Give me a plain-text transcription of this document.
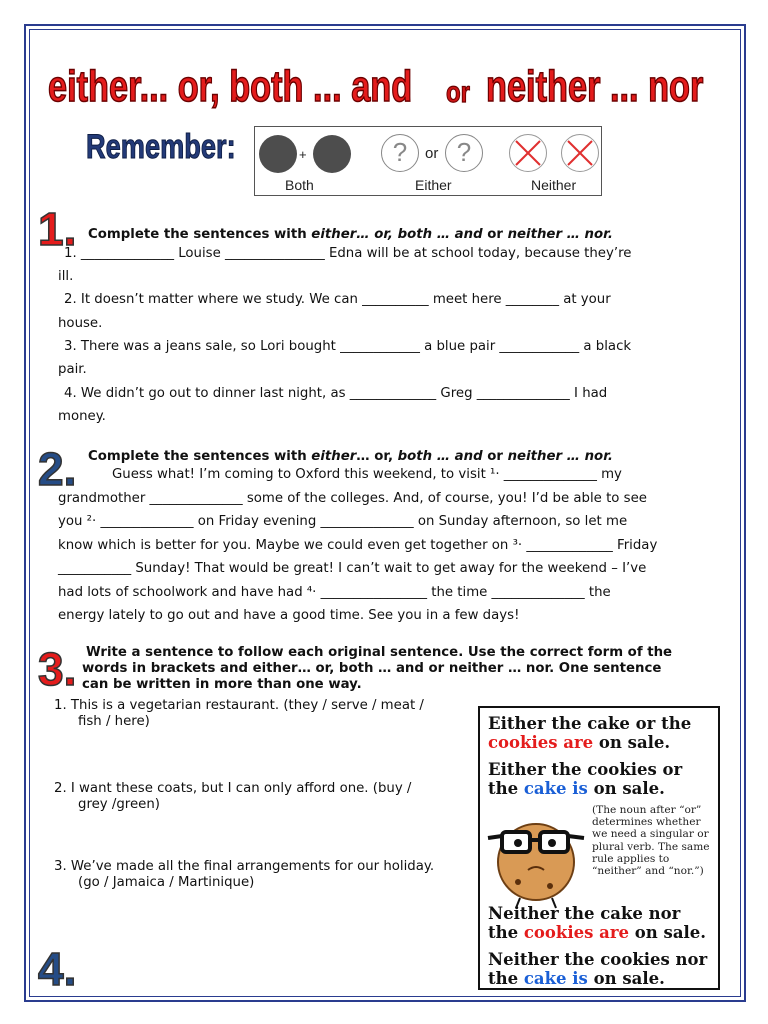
either... or, both ... and	or neither ... nor
Remember:	+	?	or ?
Both	Either	Neither
1. Complete the sentences with either… or, both … and or neither … nor.
1. ______________ Louise _______________ Edna will be at school today, because they’re
ill.
2. It doesn’t matter where we study. We can __________ meet here ________ at your
house.
3. There was a jeans sale, so Lori bought ____________ a blue pair ____________ a black
pair.
4. We didn’t go out to dinner last night, as _____________ Greg ______________ I had
money.
2. Complete the sentences with either… or, both … and or neither … nor.
Guess what! I’m coming to Oxford this weekend, to visit ¹· ______________ my
grandmother ______________ some of the colleges. And, of course, you! I’d be able to see
you ²· ______________ on Friday evening ______________ on Sunday afternoon, so let me
know which is better for you. Maybe we could even get together on ³· _____________ Friday
___________ Sunday! That would be great! I can’t wait to get away for the weekend – I’ve
had lots of schoolwork and have had ⁴· ________________ the time ______________ the
energy lately to go out and have a good time. See you in a few days!
3. Write a sentence to follow each original sentence. Use the correct form of the
words in brackets and either… or, both … and or neither … nor. One sentence
can be written in more than one way.
1. This is a vegetarian restaurant. (they / serve / meat /
fish / here)
2. I want these coats, but I can only afford one. (buy /
grey /green)
3. We’ve made all the final arrangements for our holiday.
(go / Jamaica / Martinique)
4.
Either the cake or the
cookies are on sale.
Either the cookies or
the cake is on sale.
(The noun after “or” determines whether we need a singular or plural verb. The same rule applies to “neither” and “nor.”)
Neither the cake nor
the cookies are on sale.
Neither the cookies nor
the cake is on sale.
